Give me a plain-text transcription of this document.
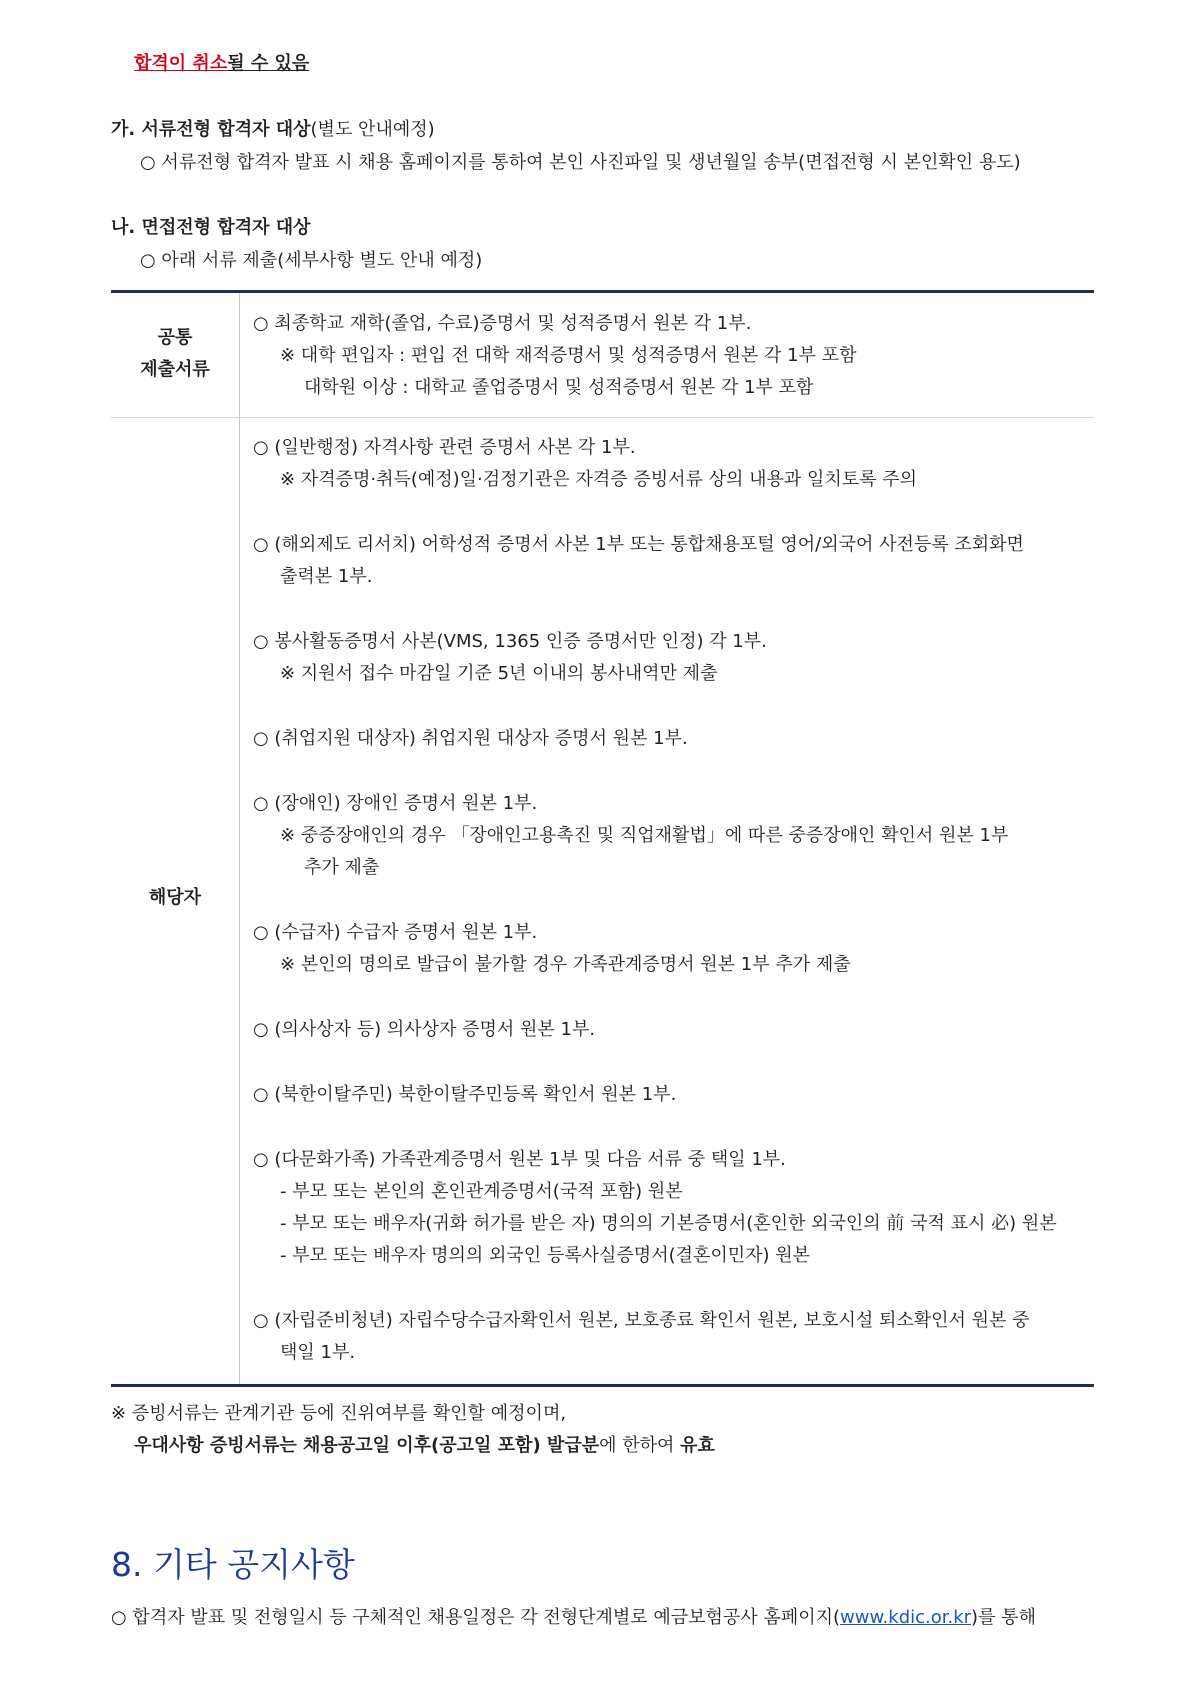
합격이 취소될 수 있음
가. 서류전형 합격자 대상(별도 안내예정)
○ 서류전형 합격자 발표 시 채용 홈페이지를 통하여 본인 사진파일 및 생년월일 송부(면접전형 시 본인확인 용도)
나. 면접전형 합격자 대상
○ 아래 서류 제출(세부사항 별도 안내 예정)
공통
제출서류
○ 최종학교 재학(졸업, 수료)증명서 및 성적증명서 원본 각 1부.
※ 대학 편입자 : 편입 전 대학 재적증명서 및 성적증명서 원본 각 1부 포함
대학원 이상 : 대학교 졸업증명서 및 성적증명서 원본 각 1부 포함
해당자
○ (일반행정) 자격사항 관련 증명서 사본 각 1부.
※ 자격증명·취득(예정)일·검정기관은 자격증 증빙서류 상의 내용과 일치토록 주의
○ (해외제도 리서치) 어학성적 증명서 사본 1부 또는 통합채용포털 영어/외국어 사전등록 조회화면
출력본 1부.
○ 봉사활동증명서 사본(VMS, 1365 인증 증명서만 인정) 각 1부.
※ 지원서 접수 마감일 기준 5년 이내의 봉사내역만 제출
○ (취업지원 대상자) 취업지원 대상자 증명서 원본 1부.
○ (장애인) 장애인 증명서 원본 1부.
※ 중증장애인의 경우 「장애인고용촉진 및 직업재활법」에 따른 중증장애인 확인서 원본 1부
추가 제출
○ (수급자) 수급자 증명서 원본 1부.
※ 본인의 명의로 발급이 불가할 경우 가족관계증명서 원본 1부 추가 제출
○ (의사상자 등) 의사상자 증명서 원본 1부.
○ (북한이탈주민) 북한이탈주민등록 확인서 원본 1부.
○ (다문화가족) 가족관계증명서 원본 1부 및 다음 서류 중 택일 1부.
- 부모 또는 본인의 혼인관계증명서(국적 포함) 원본
- 부모 또는 배우자(귀화 허가를 받은 자) 명의의 기본증명서(혼인한 외국인의 前 국적 표시 必) 원본
- 부모 또는 배우자 명의의 외국인 등록사실증명서(결혼이민자) 원본
○ (자립준비청년) 자립수당수급자확인서 원본, 보호종료 확인서 원본, 보호시설 퇴소확인서 원본 중
택일 1부.
※ 증빙서류는 관계기관 등에 진위여부를 확인할 예정이며,
우대사항 증빙서류는 채용공고일 이후(공고일 포함) 발급분에 한하여 유효
8. 기타 공지사항
○ 합격자 발표 및 전형일시 등 구체적인 채용일정은 각 전형단계별로 예금보험공사 홈페이지(www.kdic.or.kr)를 통해
